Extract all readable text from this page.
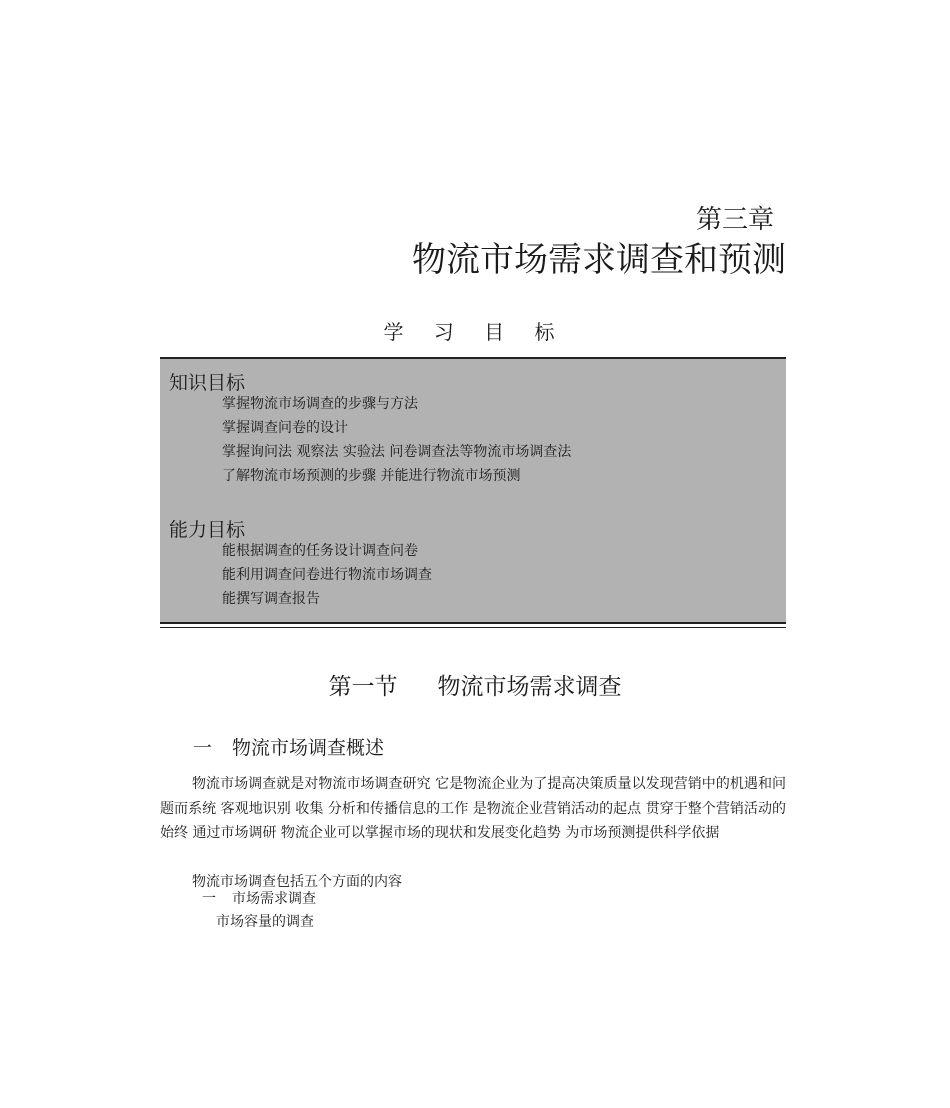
第三章
物流市场需求调查和预测
学 习 目 标
知识目标
掌握物流市场调查的步骤与方法
掌握调查问卷的设计
掌握询问法 观察法 实验法 问卷调查法等物流市场调查法
了解物流市场预测的步骤 并能进行物流市场预测
能力目标
能根据调查的任务设计调查问卷
能利用调查问卷进行物流市场调查
能撰写调查报告
第一节 物流市场需求调查
一 物流市场调查概述

物流市场调查就是对物流市场调查研究 它是物流企业为了提高决策质量以发现营销中的机遇和问题而系统 客观地识别 收集 分析和传播信息的工作 是物流企业营销活动的起点 贯穿于整个营销活动的始终 通过市场调研 物流企业可以掌握市场的现状和发展变化趋势 为市场预测提供科学依据

物流市场调查包括五个方面的内容
一 市场需求调查
市场容量的调查
